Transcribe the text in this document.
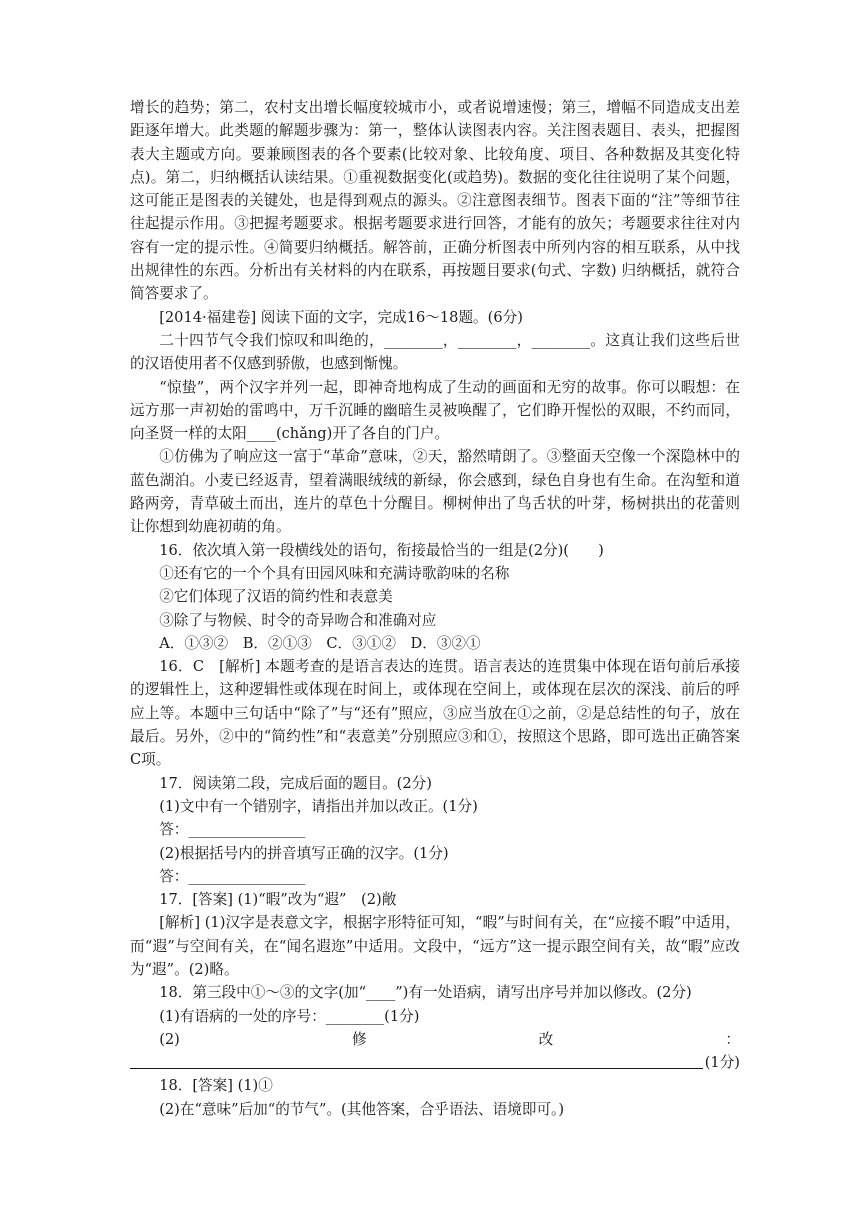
增长的趋势；第二，农村支出增长幅度较城市小，或者说增速慢；第三，增幅不同造成支出差距逐年增大。此类题的解题步骤为：第一，整体认读图表内容。关注图表题目、表头，把握图表大主题或方向。要兼顾图表的各个要素(比较对象、比较角度、项目、各种数据及其变化特点)。第二，归纳概括认读结果。①重视数据变化(或趋势)。数据的变化往往说明了某个问题，这可能正是图表的关键处，也是得到观点的源头。②注意图表细节。图表下面的“注”等细节往往起提示作用。③把握考题要求。根据考题要求进行回答，才能有的放矢；考题要求往往对内容有一定的提示性。④简要归纳概括。解答前，正确分析图表中所列内容的相互联系，从中找出规律性的东西。分析出有关材料的内在联系，再按题目要求(句式、字数) 归纳概括，就符合简答要求了。

[2014·福建卷] 阅读下面的文字，完成16～18题。(6分)

二十四节气令我们惊叹和叫绝的，________，________，________。这真让我们这些后世的汉语使用者不仅感到骄傲，也感到惭愧。

“惊蛰”，两个汉字并列一起，即神奇地构成了生动的画面和无穷的故事。你可以暇想：在远方那一声初始的雷鸣中，万千沉睡的幽暗生灵被唤醒了，它们睁开惺忪的双眼，不约而同，向圣贤一样的太阳____(chǎng)开了各自的门户。

①仿佛为了响应这一富于“革命”意味，②天，豁然晴朗了。③整面天空像一个深隐林中的蓝色湖泊。小麦已经返青，望着满眼绒绒的新绿，你会感到，绿色自身也有生命。在沟堑和道路两旁，青草破土而出，连片的草色十分醒目。柳树伸出了鸟舌状的叶芽，杨树拱出的花蕾则让你想到幼鹿初萌的角。

16．依次填入第一段横线处的语句，衔接最恰当的一组是(2分)(　　)

①还有它的一个个具有田园风味和充满诗歌韵味的名称

②它们体现了汉语的简约性和表意美

③除了与物候、时令的奇异吻合和准确对应

A．①③②　B．②①③　C．③①②　D．③②①

16．C　[解析] 本题考查的是语言表达的连贯。语言表达的连贯集中体现在语句前后承接的逻辑性上，这种逻辑性或体现在时间上，或体现在空间上，或体现在层次的深浅、前后的呼应上等。本题中三句话中“除了”与“还有”照应，③应当放在①之前，②是总结性的句子，放在最后。另外，②中的“简约性”和“表意美”分别照应③和①，按照这个思路，即可选出正确答案C项。

17．阅读第二段，完成后面的题目。(2分)

(1)文中有一个错别字，请指出并加以改正。(1分)

答：________________

(2)根据括号内的拼音填写正确的汉字。(1分)

答：________________

17．[答案] (1)“暇”改为“遐”　(2)敞

[解析] (1)汉字是表意文字，根据字形特征可知，“暇”与时间有关，在“应接不暇”中适用，而“遐”与空间有关，在“闻名遐迩”中适用。文段中，“远方”这一提示跟空间有关，故“暇”应改为“遐”。(2)略。

18．第三段中①～③的文字(加“____”)有一处语病，请写出序号并加以修改。(2分)

(1)有语病的一处的序号：________(1分)

(2)	修	改	：
(1分)

18．[答案] (1)①

(2)在“意味”后加“的节气”。(其他答案，合乎语法、语境即可。)
